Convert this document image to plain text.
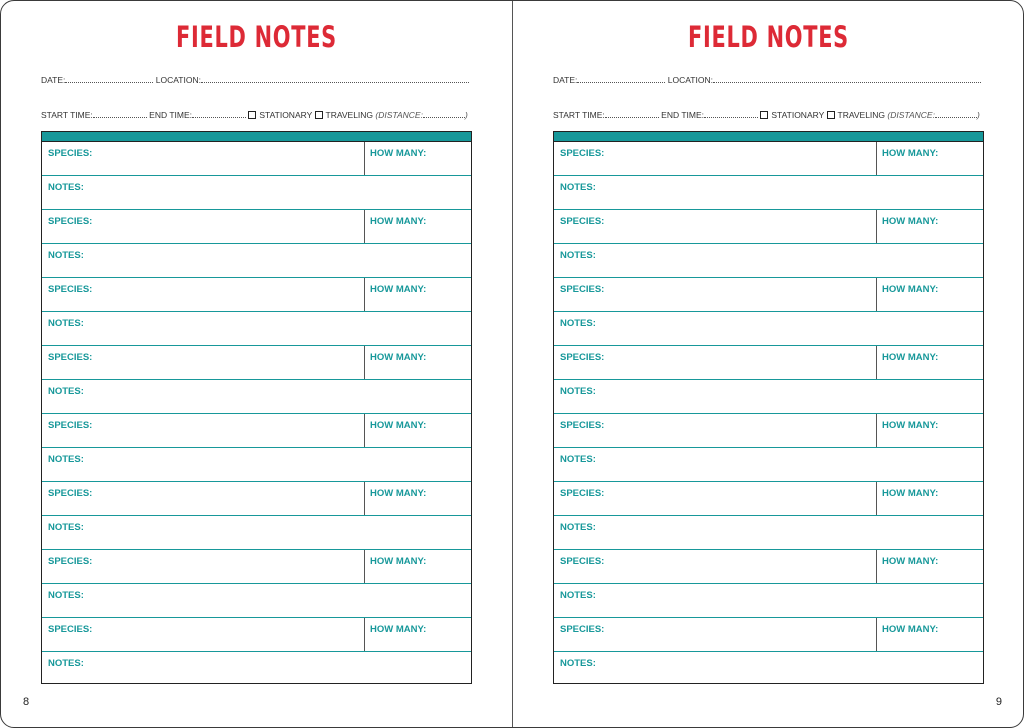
FIELD NOTES
DATE:	LOCATION:
START TIME:	END TIME:	STATIONARY TRAVELING (DISTANCE:	)
SPECIES:	HOW MANY:
NOTES:
SPECIES:	HOW MANY:
NOTES:
SPECIES:	HOW MANY:
NOTES:
SPECIES:	HOW MANY:
NOTES:
SPECIES:	HOW MANY:
NOTES:
SPECIES:	HOW MANY:
NOTES:
SPECIES:	HOW MANY:
NOTES:
SPECIES:	HOW MANY:
NOTES:
8
FIELD NOTES
DATE:	LOCATION:
START TIME:	END TIME:	STATIONARY TRAVELING (DISTANCE:	)
SPECIES:	HOW MANY:
NOTES:
SPECIES:	HOW MANY:
NOTES:
SPECIES:	HOW MANY:
NOTES:
SPECIES:	HOW MANY:
NOTES:
SPECIES:	HOW MANY:
NOTES:
SPECIES:	HOW MANY:
NOTES:
SPECIES:	HOW MANY:
NOTES:
SPECIES:	HOW MANY:
NOTES:
9
